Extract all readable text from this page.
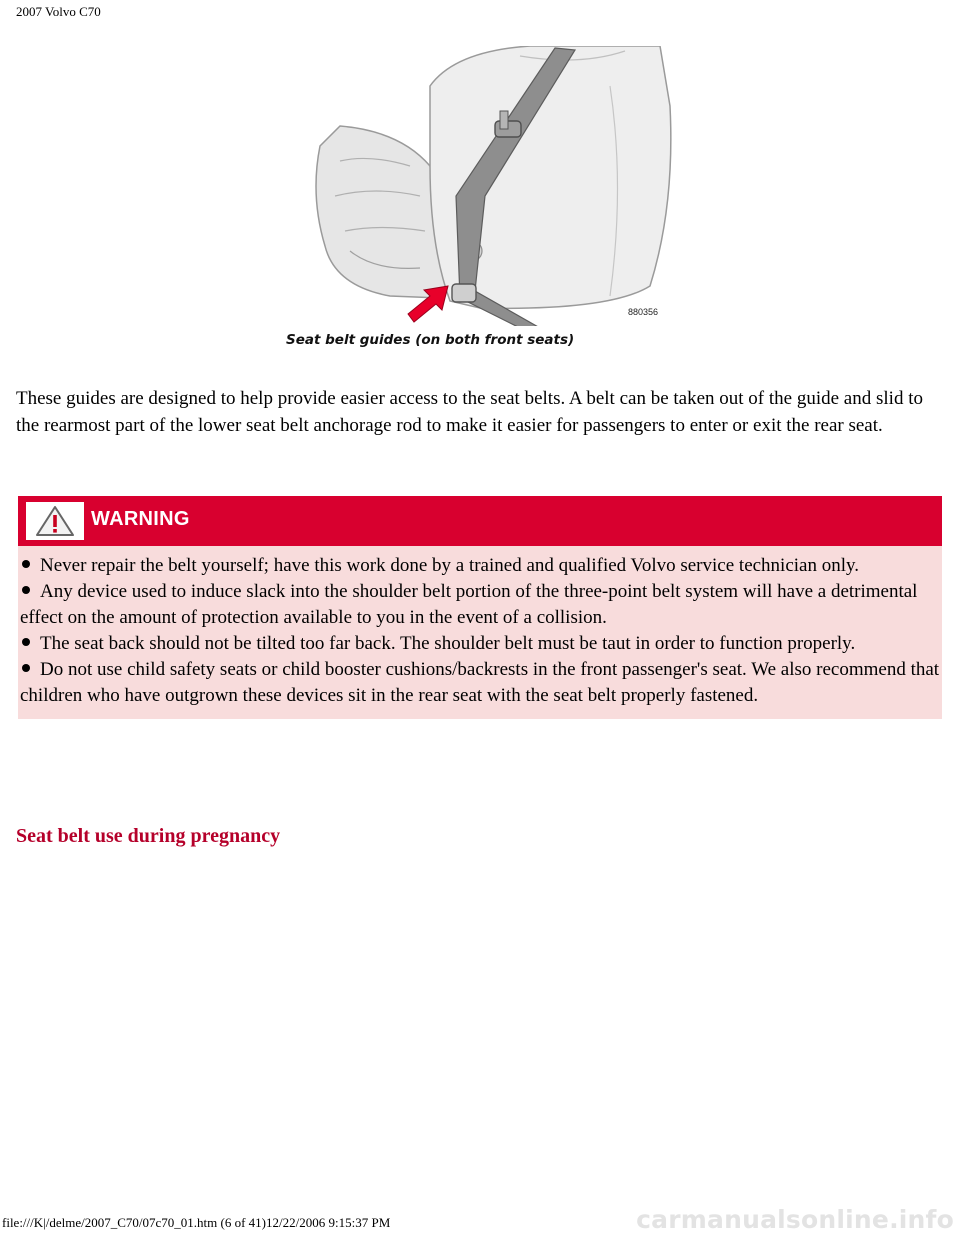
2007 Volvo C70
880356
Seat belt guides (on both front seats)

These guides are designed to help provide easier access to the seat belts. A belt can be taken out of the guide and slid to the rearmost part of the lower seat belt anchorage rod to make it easier for passengers to enter or exit the rear seat.

WARNING
Never repair the belt yourself; have this work done by a trained and qualified Volvo service technician only.
Any device used to induce slack into the shoulder belt portion of the three-point belt system will have a detrimental effect on the amount of protection available to you in the event of a collision.
The seat back should not be tilted too far back. The shoulder belt must be taut in order to function properly.
Do not use child safety seats or child booster cushions/backrests in the front passenger's seat. We also recommend that children who have outgrown these devices sit in the rear seat with the seat belt properly fastened.
Seat belt use during pregnancy
file:///K|/delme/2007_C70/07c70_01.htm (6 of 41)12/22/2006 9:15:37 PM	carmanualsonline.info
